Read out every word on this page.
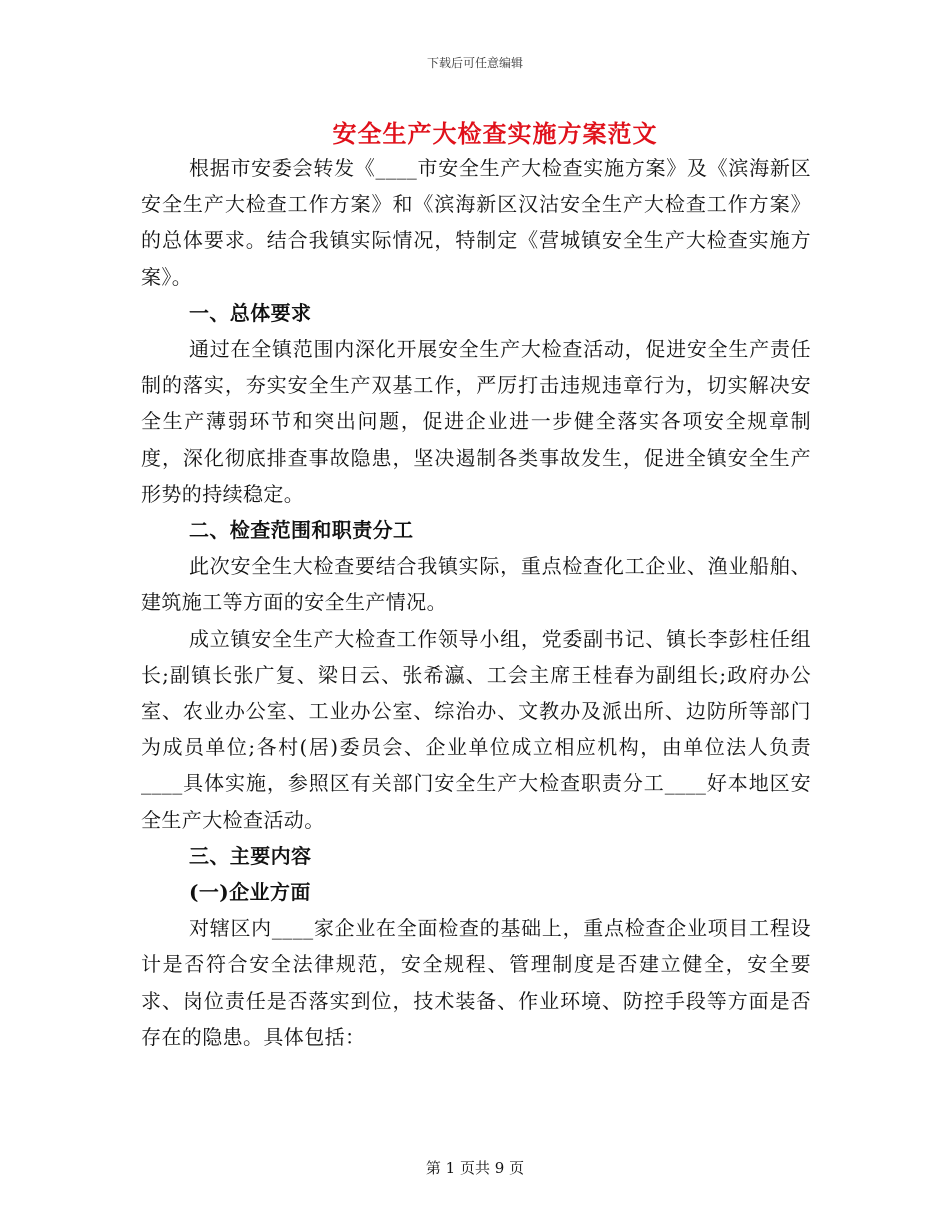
下载后可任意编辑
安全生产大检查实施方案范文

根据市安委会转发《____市安全生产大检查实施方案》及《滨海新区安全生产大检查工作方案》和《滨海新区汉沽安全生产大检查工作方案》的总体要求。结合我镇实际情况，特制定《营城镇安全生产大检查实施方案》。

一、总体要求

通过在全镇范围内深化开展安全生产大检查活动，促进安全生产责任制的落实，夯实安全生产双基工作，严厉打击违规违章行为，切实解决安全生产薄弱环节和突出问题，促进企业进一步健全落实各项安全规章制度，深化彻底排查事故隐患，坚决遏制各类事故发生，促进全镇安全生产形势的持续稳定。

二、检查范围和职责分工

此次安全生大检查要结合我镇实际，重点检查化工企业、渔业船舶、建筑施工等方面的安全生产情况。

成立镇安全生产大检查工作领导小组，党委副书记、镇长李彭柱任组长;副镇长张广复、梁日云、张希瀛、工会主席王桂春为副组长;政府办公室、农业办公室、工业办公室、综治办、文教办及派出所、边防所等部门为成员单位;各村(居)委员会、企业单位成立相应机构，由单位法人负责____具体实施，参照区有关部门安全生产大检查职责分工____好本地区安全生产大检查活动。

三、主要内容

(一)企业方面

对辖区内____家企业在全面检查的基础上，重点检查企业项目工程设计是否符合安全法律规范，安全规程、管理制度是否建立健全，安全要求、岗位责任是否落实到位，技术装备、作业环境、防控手段等方面是否存在的隐患。具体包括：

第 1 页共 9 页
